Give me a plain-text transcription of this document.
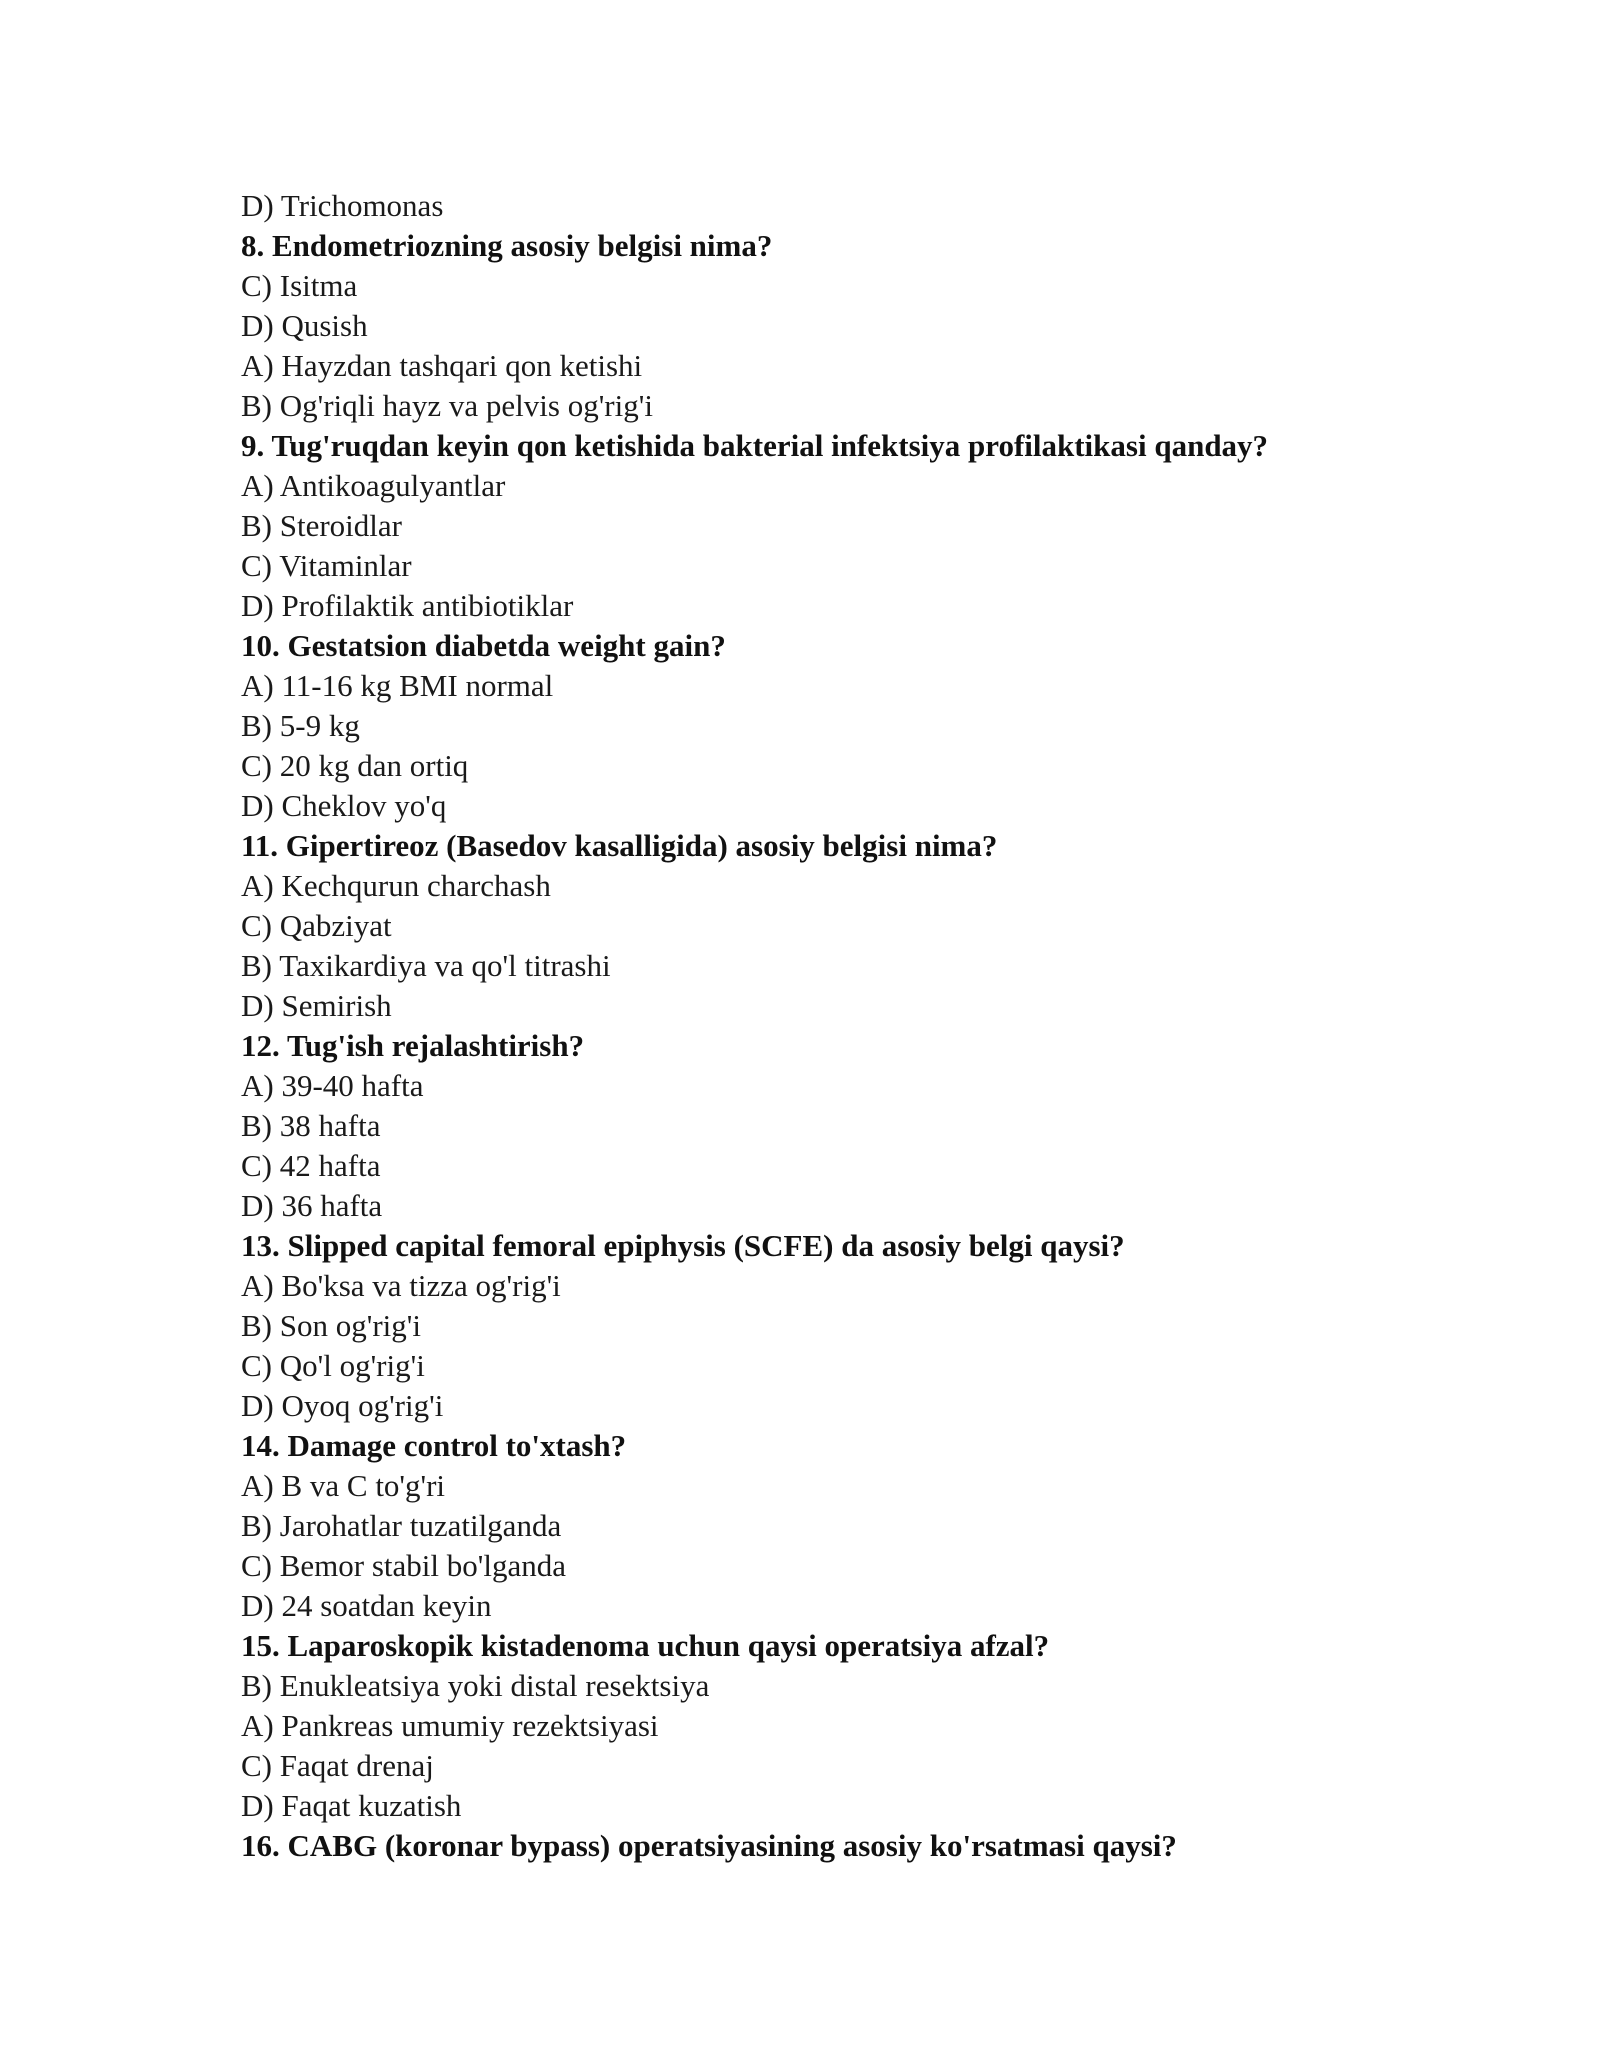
D) Trichomonas
8. Endometriozning asosiy belgisi nima?
C) Isitma
D) Qusish
A) Hayzdan tashqari qon ketishi
B) Og'riqli hayz va pelvis og'rig'i
9. Tug'ruqdan keyin qon ketishida bakterial infektsiya profilaktikasi qanday?
A) Antikoagulyantlar
B) Steroidlar
C) Vitaminlar
D) Profilaktik antibiotiklar
10. Gestatsion diabetda weight gain?
A) 11-16 kg BMI normal
B) 5-9 kg
C) 20 kg dan ortiq
D) Cheklov yo'q
11. Gipertireoz (Basedov kasalligida) asosiy belgisi nima?
A) Kechqurun charchash
C) Qabziyat
B) Taxikardiya va qo'l titrashi
D) Semirish
12. Tug'ish rejalashtirish?
A) 39-40 hafta
B) 38 hafta
C) 42 hafta
D) 36 hafta
13. Slipped capital femoral epiphysis (SCFE) da asosiy belgi qaysi?
A) Bo'ksa va tizza og'rig'i
B) Son og'rig'i
C) Qo'l og'rig'i
D) Oyoq og'rig'i
14. Damage control to'xtash?
A) B va C to'g'ri
B) Jarohatlar tuzatilganda
C) Bemor stabil bo'lganda
D) 24 soatdan keyin
15. Laparoskopik kistadenoma uchun qaysi operatsiya afzal?
B) Enukleatsiya yoki distal resektsiya
A) Pankreas umumiy rezektsiyasi
C) Faqat drenaj
D) Faqat kuzatish
16. CABG (koronar bypass) operatsiyasining asosiy ko'rsatmasi qaysi?
